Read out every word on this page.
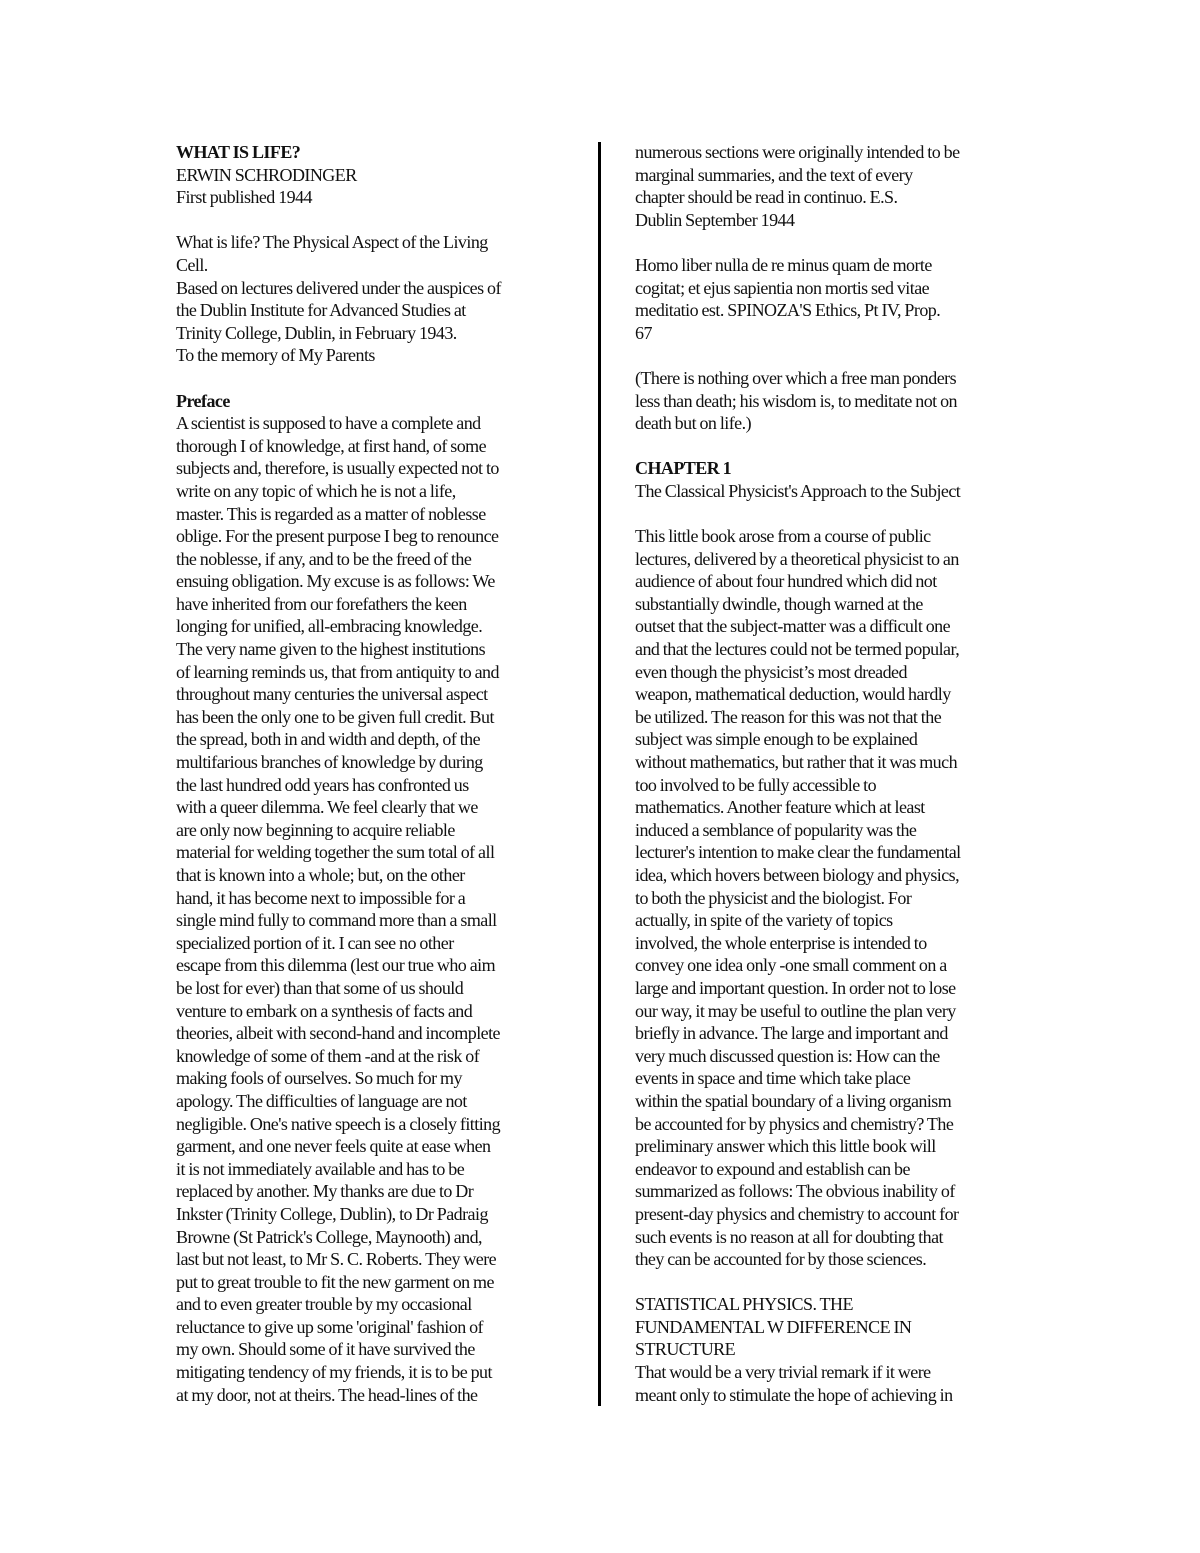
WHAT IS LIFE?
ERWIN SCHRODINGER
First published 1944
What is life? The Physical Aspect of the Living
Cell.
Based on lectures delivered under the auspices of
the Dublin Institute for Advanced Studies at
Trinity College, Dublin, in February 1943.
To the memory of My Parents
Preface
A scientist is supposed to have a complete and
thorough I of knowledge, at first hand, of some
subjects and, therefore, is usually expected not to
write on any topic of which he is not a life,
master. This is regarded as a matter of noblesse
oblige. For the present purpose I beg to renounce
the noblesse, if any, and to be the freed of the
ensuing obligation. My excuse is as follows: We
have inherited from our forefathers the keen
longing for unified, all-embracing knowledge.
The very name given to the highest institutions
of learning reminds us, that from antiquity to and
throughout many centuries the universal aspect
has been the only one to be given full credit. But
the spread, both in and width and depth, of the
multifarious branches of knowledge by during
the last hundred odd years has confronted us
with a queer dilemma. We feel clearly that we
are only now beginning to acquire reliable
material for welding together the sum total of all
that is known into a whole; but, on the other
hand, it has become next to impossible for a
single mind fully to command more than a small
specialized portion of it. I can see no other
escape from this dilemma (lest our true who aim
be lost for ever) than that some of us should
venture to embark on a synthesis of facts and
theories, albeit with second-hand and incomplete
knowledge of some of them -and at the risk of
making fools of ourselves. So much for my
apology. The difficulties of language are not
negligible. One's native speech is a closely fitting
garment, and one never feels quite at ease when
it is not immediately available and has to be
replaced by another. My thanks are due to Dr
Inkster (Trinity College, Dublin), to Dr Padraig
Browne (St Patrick's College, Maynooth) and,
last but not least, to Mr S. C. Roberts. They were
put to great trouble to fit the new garment on me
and to even greater trouble by my occasional
reluctance to give up some 'original' fashion of
my own. Should some of it have survived the
mitigating tendency of my friends, it is to be put
at my door, not at theirs. The head-lines of the
numerous sections were originally intended to be
marginal summaries, and the text of every
chapter should be read in continuo. E.S.
Dublin September 1944
Homo liber nulla de re minus quam de morte
cogitat; et ejus sapientia non mortis sed vitae
meditatio est. SPINOZA'S Ethics, Pt IV, Prop.
67
(There is nothing over which a free man ponders
less than death; his wisdom is, to meditate not on
death but on life.)
CHAPTER 1
The Classical Physicist's Approach to the Subject
This little book arose from a course of public
lectures, delivered by a theoretical physicist to an
audience of about four hundred which did not
substantially dwindle, though warned at the
outset that the subject-matter was a difficult one
and that the lectures could not be termed popular,
even though the physicist’s most dreaded
weapon, mathematical deduction, would hardly
be utilized. The reason for this was not that the
subject was simple enough to be explained
without mathematics, but rather that it was much
too involved to be fully accessible to
mathematics. Another feature which at least
induced a semblance of popularity was the
lecturer's intention to make clear the fundamental
idea, which hovers between biology and physics,
to both the physicist and the biologist. For
actually, in spite of the variety of topics
involved, the whole enterprise is intended to
convey one idea only -one small comment on a
large and important question. In order not to lose
our way, it may be useful to outline the plan very
briefly in advance. The large and important and
very much discussed question is: How can the
events in space and time which take place
within the spatial boundary of a living organism
be accounted for by physics and chemistry? The
preliminary answer which this little book will
endeavor to expound and establish can be
summarized as follows: The obvious inability of
present-day physics and chemistry to account for
such events is no reason at all for doubting that
they can be accounted for by those sciences.
STATISTICAL PHYSICS. THE
FUNDAMENTAL W DIFFERENCE IN
STRUCTURE
That would be a very trivial remark if it were
meant only to stimulate the hope of achieving in
